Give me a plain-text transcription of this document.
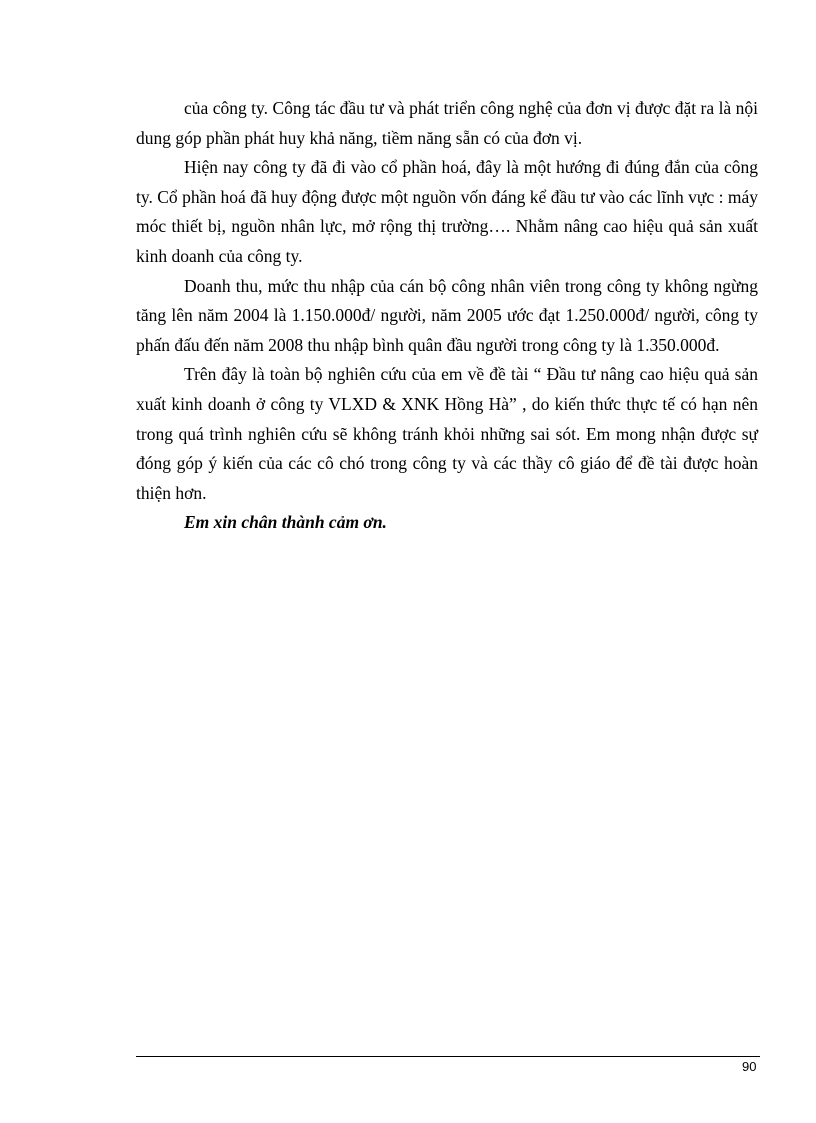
của công ty. Công tác đầu tư và phát triển công nghệ của đơn vị được đặt ra là nội dung góp phần phát huy khả năng, tiềm năng sẵn có của đơn vị.

Hiện nay công ty đã đi vào cổ phần hoá, đây là một hướng đi đúng đắn của công ty. Cổ phần hoá đã huy động được một nguồn vốn đáng kể đầu tư vào các lĩnh vực : máy móc thiết bị, nguồn nhân lực, mở rộng thị trường…. Nhằm nâng cao hiệu quả sản xuất kinh doanh của công ty.

Doanh thu, mức thu nhập của cán bộ công nhân viên trong công ty không ngừng tăng lên năm 2004 là 1.150.000đ/ người, năm 2005 ước đạt 1.250.000đ/ người, công ty phấn đấu đến năm 2008 thu nhập bình quân đầu người trong công ty là 1.350.000đ.

Trên đây là toàn bộ nghiên cứu của em về đề tài “ Đầu tư nâng cao hiệu quả sản xuất kinh doanh ở công ty VLXD & XNK Hồng Hà” , do kiến thức thực tế có hạn nên trong quá trình nghiên cứu sẽ không tránh khỏi những sai sót. Em mong nhận được sự đóng góp ý kiến của các cô chó trong công ty và các thầy cô giáo để đề tài được hoàn thiện hơn.

Em xin chân thành cảm ơn.

90
